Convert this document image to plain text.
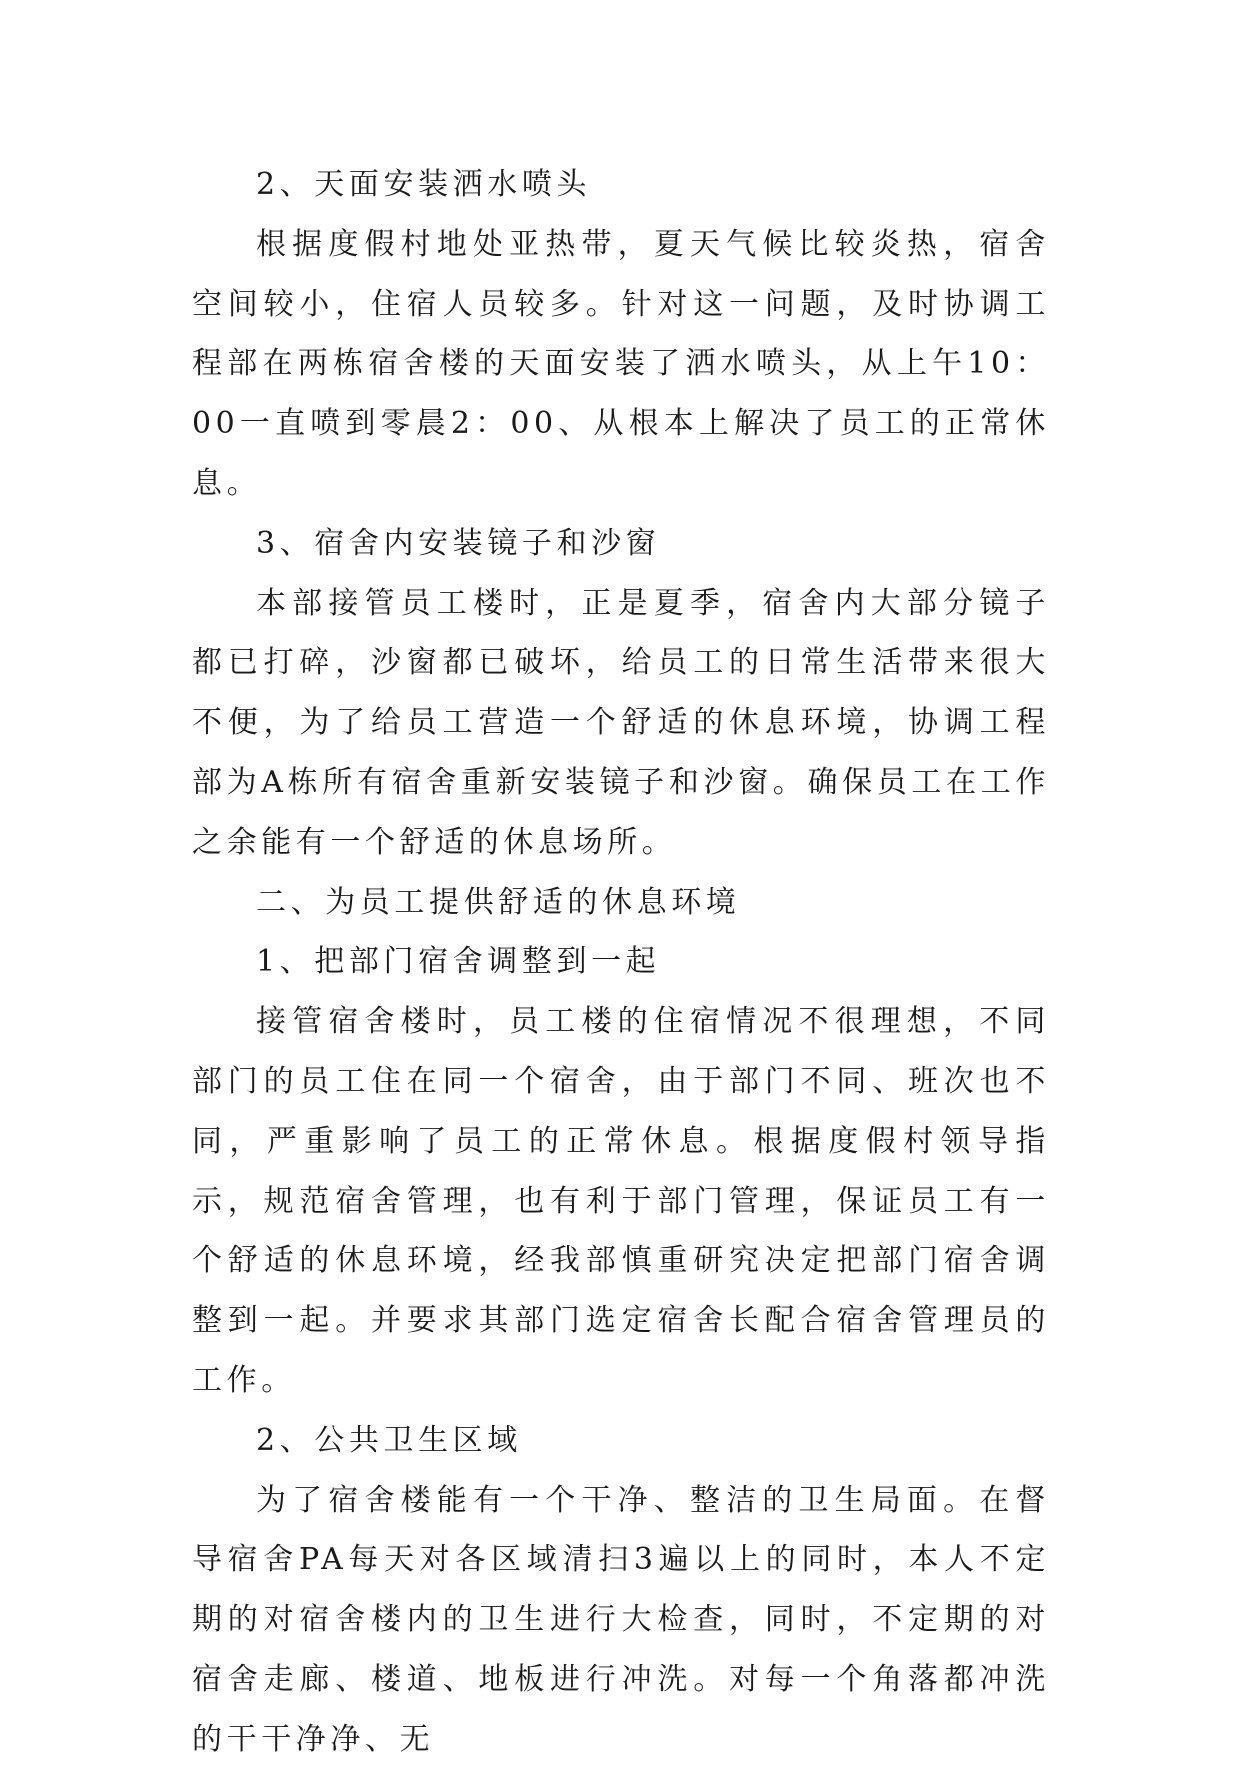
2、天面安装洒水喷头

根据度假村地处亚热带，夏天气候比较炎热，宿舍空间较小，住宿人员较多。针对这一问题，及时协调工程部在两栋宿舍楼的天面安装了洒水喷头，从上午10：00一直喷到零晨2：00、从根本上解决了员工的正常休息。

3、宿舍内安装镜子和沙窗

本部接管员工楼时，正是夏季，宿舍内大部分镜子都已打碎，沙窗都已破坏，给员工的日常生活带来很大不便，为了给员工营造一个舒适的休息环境，协调工程部为A栋所有宿舍重新安装镜子和沙窗。确保员工在工作之余能有一个舒适的休息场所。

二、为员工提供舒适的休息环境

1、把部门宿舍调整到一起

接管宿舍楼时，员工楼的住宿情况不很理想，不同部门的员工住在同一个宿舍，由于部门不同、班次也不同，严重影响了员工的正常休息。根据度假村领导指示，规范宿舍管理，也有利于部门管理，保证员工有一个舒适的休息环境，经我部慎重研究决定把部门宿舍调整到一起。并要求其部门选定宿舍长配合宿舍管理员的工作。

2、公共卫生区域

为了宿舍楼能有一个干净、整洁的卫生局面。在督导宿舍PA每天对各区域清扫3遍以上的同时，本人不定期的对宿舍楼内的卫生进行大检查，同时，不定期的对宿舍走廊、楼道、地板进行冲洗。对每一个角落都冲洗的干干净净、无
